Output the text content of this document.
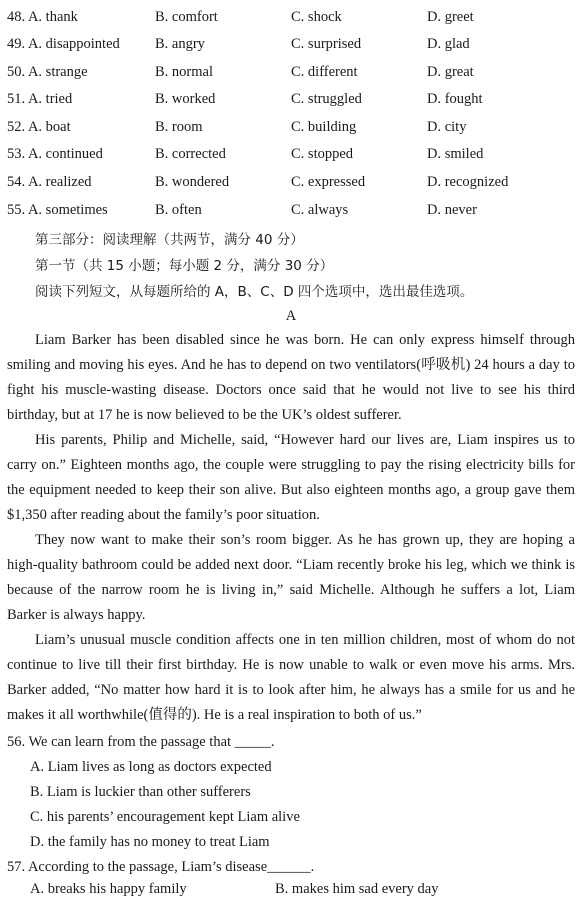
48. A. thank	B. comfort	C. shock	D. greet
49. A. disappointed B. angry	C. surprised	D. glad
50. A. strange	B. normal	C. different	D. great
51. A. tried	B. worked	C. struggled	D. fought
52. A. boat	B. room	C. building	D. city
53. A. continued	B. corrected	C. stopped	D. smiled
54. A. realized	B. wondered	C. expressed	D. recognized
55. A. sometimes	B. often	C. always	D. never
第三部分：阅读理解（共两节，满分 40 分）
第一节（共 15 小题；每小题 2 分，满分 30 分）
阅读下列短文，从每题所给的 A，B、C、D 四个选项中，选出最佳选项。
A

Liam Barker has been disabled since he was born. He can only express himself through smiling and moving his eyes. And he has to depend on two ventilators(呼吸机) 24 hours a day to fight his muscle-wasting disease. Doctors once said that he would not live to see his third birthday, but at 17 he is now believed to be the UK’s oldest sufferer.

His parents, Philip and Michelle, said, “However hard our lives are, Liam inspires us to carry on.” Eighteen months ago, the couple were struggling to pay the rising electricity bills for the equipment needed to keep their son alive. But also eighteen months ago, a group gave them $1,350 after reading about the family’s poor situation.

They now want to make their son’s room bigger. As he has grown up, they are hoping a high-quality bathroom could be added next door. “Liam recently broke his leg, which we think is because of the narrow room he is living in,” said Michelle. Although he suffers a lot, Liam Barker is always happy.

Liam’s unusual muscle condition affects one in ten million children, most of whom do not continue to live till their first birthday. He is now unable to walk or even move his arms. Mrs. Barker added, “No matter how hard it is to look after him, he always has a smile for us and he makes it all worthwhile(值得的). He is a real inspiration to both of us.”

56. We can learn from the passage that _____.
A. Liam lives as long as doctors expected
B. Liam is luckier than other sufferers
C. his parents’ encouragement kept Liam alive
D. the family has no money to treat Liam
57. According to the passage, Liam’s disease______.
A. breaks his happy family	B. makes him sad every day
